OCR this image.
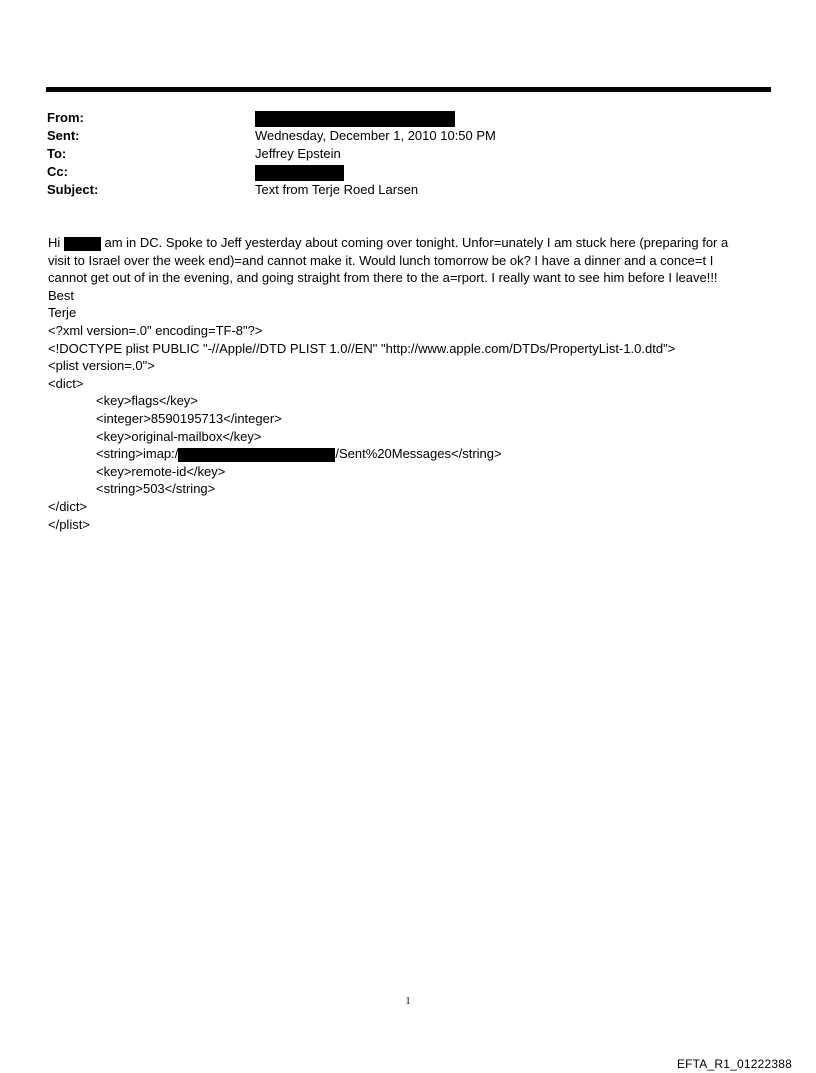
From:
Sent:	Wednesday, December 1, 2010 10:50 PM
To:	Jeffrey Epstein
Cc:
Subject:	Text from Terje Roed Larsen
Hi	am in DC. Spoke to Jeff yesterday about coming over tonight. Unfor=unately I am stuck here (preparing for a
visit to Israel over the week end)=and cannot make it. Would lunch tomorrow be ok? I have a dinner and a conce=t I
cannot get out of in the evening, and going straight from there to the a=rport. I really want to see him before I leave!!!
Best
Terje
<?xml version=.0" encoding=TF-8"?>
<!DOCTYPE plist PUBLIC "-//Apple//DTD PLIST 1.0//EN" "http://www.apple.com/DTDs/PropertyList-1.0.dtd">
<plist version=.0">
<dict>
<key>flags</key>
<integer>8590195713</integer>
<key>original-mailbox</key>
<string>imap:/	/Sent%20Messages</string>
<key>remote-id</key>
<string>503</string>
</dict>
</plist>
1
EFTA_R1_01222388
